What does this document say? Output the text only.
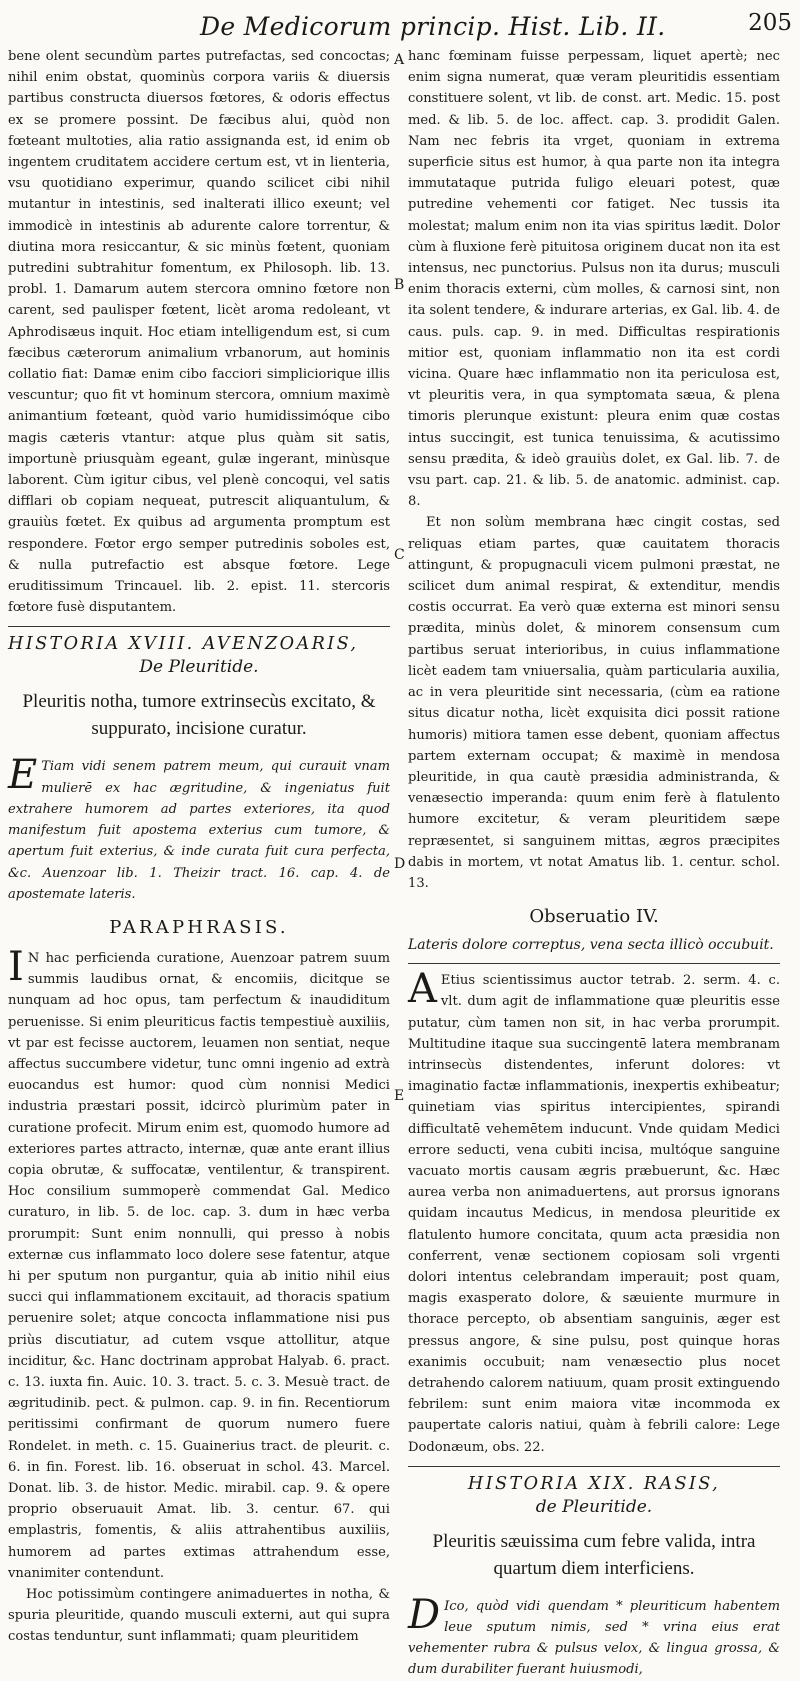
De Medicorum princip. Hist. Lib. II.	205
A
B
C
D
E

bene olent secundùm partes putrefactas, sed concoctas; nihil enim obstat, quominùs corpora variis & diuersis partibus constructa diuersos fœtores, & odoris effectus ex se promere possint. De fæcibus alui, quòd non fœteant multoties, alia ratio assignanda est, id enim ob ingentem cruditatem accidere certum est, vt in lienteria, vsu quotidiano experimur, quando scilicet cibi nihil mutantur in intestinis, sed inalterati illico exeunt; vel immodicè in intestinis ab adurente calore torrentur, & diutina mora resiccantur, & sic minùs fœtent, quoniam putredini subtrahitur fomentum, ex Philosoph. lib. 13. probl. 1. Damarum autem stercora omnino fœtore non carent, sed paulisper fœtent, licèt aroma redoleant, vt Aphrodisæus inquit. Hoc etiam intelligendum est, si cum fæcibus cæterorum animalium vrbanorum, aut hominis collatio fiat: Damæ enim cibo facciori simpliciorique illis vescuntur; quo fit vt hominum stercora, omnium maximè animantium fœteant, quòd vario humidissimóque cibo magis cæteris vtantur: atque plus quàm sit satis, importunè priusquàm egeant, gulæ ingerant, minùsque laborent. Cùm igitur cibus, vel plenè concoqui, vel satis difflari ob copiam nequeat, putrescit aliquantulum, & grauiùs fœtet. Ex quibus ad argumenta promptum est respondere. Fœtor ergo semper putredinis soboles est, & nulla putrefactio est absque fœtore. Lege eruditissimum Trincauel. lib. 2. epist. 11. stercoris fœtore fusè disputantem.

HISTORIA XVIII. AVENZOARIS,

De Pleuritide.

Pleuritis notha, tumore extrinsecùs excitato, & suppurato, incisione curatur.

E Tiam vidi senem patrem meum, qui curauit vnam mulierē ex hac ægritudine, & ingeniatus fuit extrahere humorem ad partes exteriores, ita quod manifestum fuit apostema exterius cum tumore, & apertum fuit exterius, & inde curata fuit cura perfecta, &c. Auenzoar lib. 1. Theizir tract. 16. cap. 4. de apostemate lateris.

PARAPHRASIS.

I N hac perficienda curatione, Auenzoar patrem suum summis laudibus ornat, & encomiis, dicitque se nunquam ad hoc opus, tam perfectum & inaudiditum peruenisse. Si enim pleuriticus factis tempestiuè auxiliis, vt par est fecisse auctorem, leuamen non sentiat, neque affectus succumbere videtur, tunc omni ingenio ad extrà euocandus est humor: quod cùm nonnisi Medici industria præstari possit, idcircò plurimùm pater in curatione profecit. Mirum enim est, quomodo humore ad exteriores partes attracto, internæ, quæ ante erant illius copia obrutæ, & suffocatæ, ventilentur, & transpirent. Hoc consilium summoperè commendat Gal. Medico curaturo, in lib. 5. de loc. cap. 3. dum in hæc verba prorumpit: Sunt enim nonnulli, qui presso à nobis externæ cus inflammato loco dolere sese fatentur, atque hi per sputum non purgantur, quia ab initio nihil eius succi qui inflammationem excitauit, ad thoracis spatium peruenire solet; atque concocta inflammatione nisi pus priùs discutiatur, ad cutem vsque attollitur, atque inciditur, &c. Hanc doctrinam approbat Halyab. 6. pract. c. 13. iuxta fin. Auic. 10. 3. tract. 5. c. 3. Mesuè tract. de ægritudinib. pect. & pulmon. cap. 9. in fin. Recentiorum peritissimi confirmant de quorum numero fuere Rondelet. in meth. c. 15. Guainerius tract. de pleurit. c. 6. in fin. Forest. lib. 16. obseruat in schol. 43. Marcel. Donat. lib. 3. de histor. Medic. mirabil. cap. 9. & opere proprio obseruauit Amat. lib. 3. centur. 67. qui emplastris, fomentis, & aliis attrahentibus auxiliis, humorem ad partes extimas attrahendum esse, vnanimiter contendunt.

Hoc potissimùm contingere animaduertes in notha, & spuria pleuritide, quando musculi externi, aut qui supra costas tenduntur, sunt inflammati; quam pleuritidem

hanc fœminam fuisse perpessam, liquet apertè; nec enim signa numerat, quæ veram pleuritidis essentiam constituere solent, vt lib. de const. art. Medic. 15. post med. & lib. 5. de loc. affect. cap. 3. prodidit Galen. Nam nec febris ita vrget, quoniam in extrema superficie situs est humor, à qua parte non ita integra immutataque putrida fuligo eleuari potest, quæ putredine vehementi cor fatiget. Nec tussis ita molestat; malum enim non ita vias spiritus lædit. Dolor cùm à fluxione ferè pituitosa originem ducat non ita est intensus, nec punctorius. Pulsus non ita durus; musculi enim thoracis externi, cùm molles, & carnosi sint, non ita solent tendere, & indurare arterias, ex Gal. lib. 4. de caus. puls. cap. 9. in med. Difficultas respirationis mitior est, quoniam inflammatio non ita est cordi vicina. Quare hæc inflammatio non ita periculosa est, vt pleuritis vera, in qua symptomata sæua, & plena timoris plerunque existunt: pleura enim quæ costas intus succingit, est tunica tenuissima, & acutissimo sensu prædita, & ideò grauiùs dolet, ex Gal. lib. 7. de vsu part. cap. 21. & lib. 5. de anatomic. administ. cap. 8.

Et non solùm membrana hæc cingit costas, sed reliquas etiam partes, quæ cauitatem thoracis attingunt, & propugnaculi vicem pulmoni præstat, ne scilicet dum animal respirat, & extenditur, mendis costis occurrat. Ea verò quæ externa est minori sensu prædita, minùs dolet, & minorem consensum cum partibus seruat interioribus, in cuius inflammatione licèt eadem tam vniuersalia, quàm particularia auxilia, ac in vera pleuritide sint necessaria, (cùm ea ratione situs dicatur notha, licèt exquisita dici possit ratione humoris) mitiora tamen esse debent, quoniam affectus partem externam occupat; & maximè in mendosa pleuritide, in qua cautè præsidia administranda, & venæsectio imperanda: quum enim ferè à flatulento humore excitetur, & veram pleuritidem sæpe repræsentet, si sanguinem mittas, ægros præcipites dabis in mortem, vt notat Amatus lib. 1. centur. schol. 13.

Obseruatio IV.

Lateris dolore correptus, vena secta illicò occubuit.

A Etius scientissimus auctor tetrab. 2. serm. 4. c. vlt. dum agit de inflammatione quæ pleuritis esse putatur, cùm tamen non sit, in hac verba prorumpit. Multitudine itaque sua succingentē latera membranam intrinsecùs distendentes, inferunt dolores: vt imaginatio factæ inflammationis, inexpertis exhibeatur; quinetiam vias spiritus intercipientes, spirandi difficultatē vehemētem inducunt. Vnde quidam Medici errore seducti, vena cubiti incisa, multóque sanguine vacuato mortis causam ægris præbuerunt, &c. Hæc aurea verba non animaduertens, aut prorsus ignorans quidam incautus Medicus, in mendosa pleuritide ex flatulento humore concitata, quum acta præsidia non conferrent, venæ sectionem copiosam soli vrgenti dolori intentus celebrandam imperauit; post quam, magis exasperato dolore, & sæuiente murmure in thorace percepto, ob absentiam sanguinis, æger est pressus angore, & sine pulsu, post quinque horas exanimis occubuit; nam venæsectio plus nocet detrahendo calorem natiuum, quam prosit extinguendo febrilem: sunt enim maiora vitæ incommoda ex paupertate caloris natiui, quàm à febrili calore: Lege Dodonæum, obs. 22.

HISTORIA XIX. RASIS,

de Pleuritide.

Pleuritis sæuissima cum febre valida, intra quartum diem interficiens.

D Ico, quòd vidi quendam * pleuriticum habentem leue sputum nimis, sed * vrina eius erat vehementer rubra & pulsus velox, & lingua grossa, & dum durabiliter fuerant huiusmodi,
